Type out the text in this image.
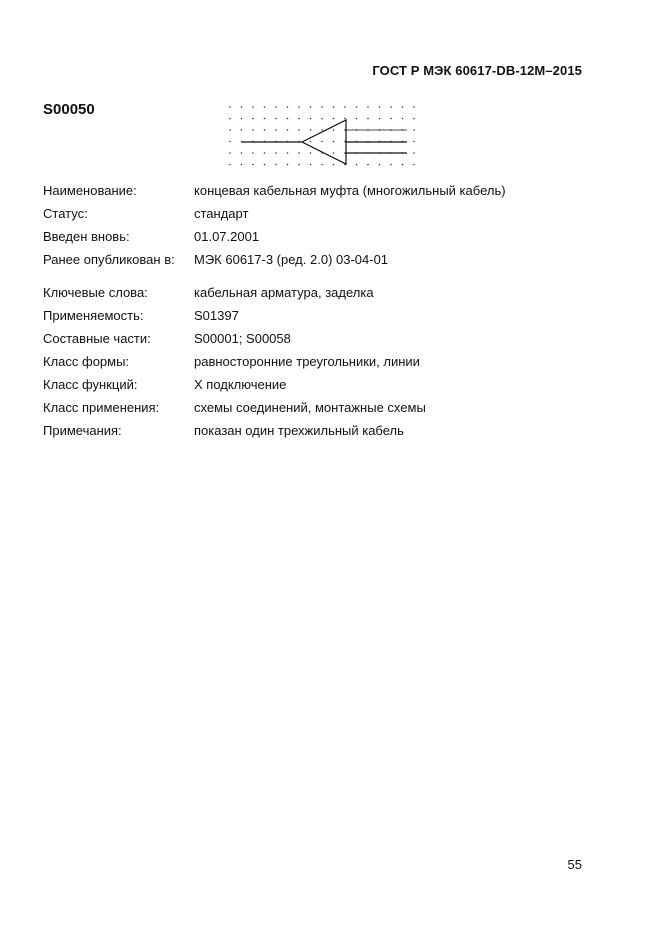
ГОСТ Р МЭК 60617-DB-12M–2015
S00050
Наименование:	концевая кабельная муфта (многожильный кабель)
Статус:	стандарт
Введен вновь:	01.07.2001
Ранее опубликован в: МЭК 60617-3 (ред. 2.0) 03-04-01
Ключевые слова:	кабельная арматура, заделка
Применяемость:	S01397
Составные части:	S00001; S00058
Класс формы:	равносторонние треугольники, линии
Класс функций:	X подключение
Класс применения:	схемы соединений, монтажные схемы
Примечания:	показан один трехжильный кабель
55
